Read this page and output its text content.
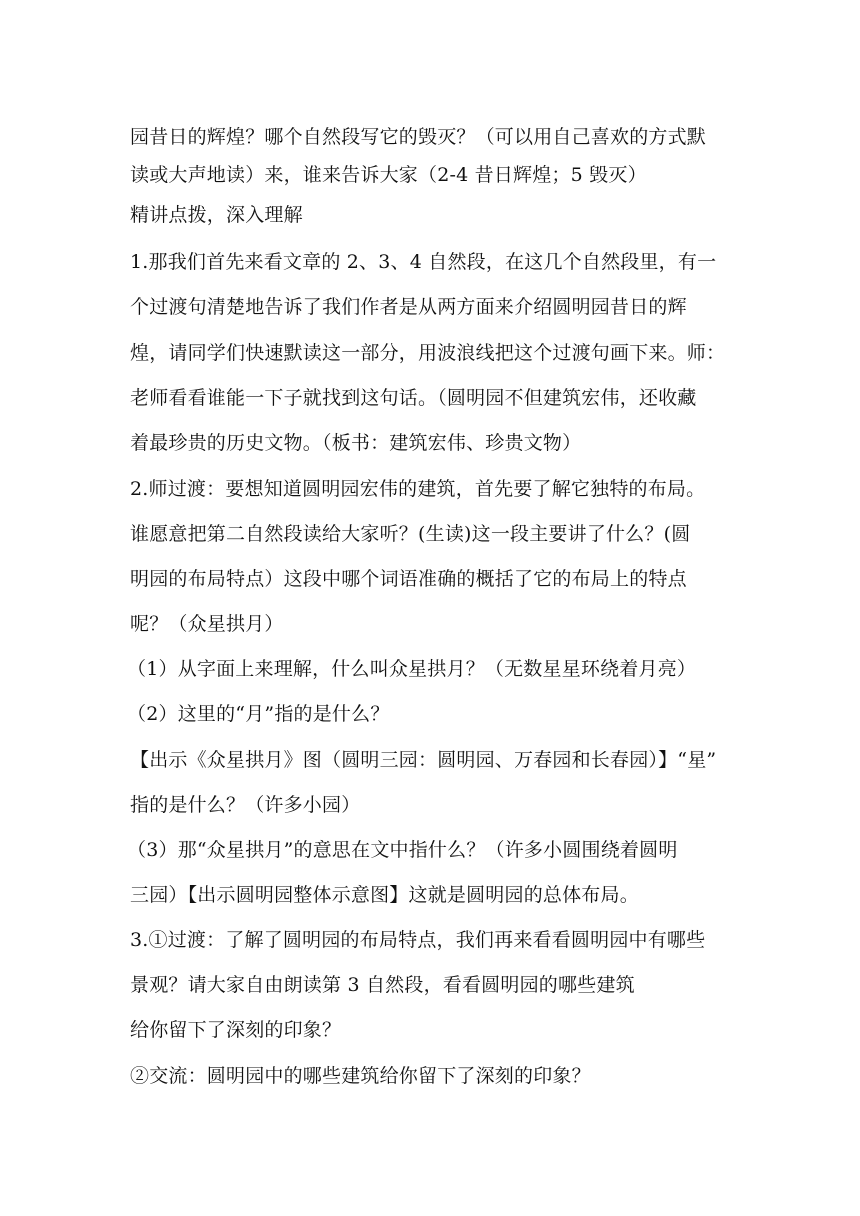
园昔日的辉煌？哪个自然段写它的毁灭？（可以用自己喜欢的方式默
读或大声地读）来，谁来告诉大家（2-4 昔日辉煌；5 毁灭）
精讲点拨，深入理解
1.那我们首先来看文章的 2、3、4 自然段，在这几个自然段里，有一
个过渡句清楚地告诉了我们作者是从两方面来介绍圆明园昔日的辉
煌，请同学们快速默读这一部分，用波浪线把这个过渡句画下来。师：
老师看看谁能一下子就找到这句话。（圆明园不但建筑宏伟，还收藏
着最珍贵的历史文物。（板书：建筑宏伟、珍贵文物）
2.师过渡：要想知道圆明园宏伟的建筑，首先要了解它独特的布局。
谁愿意把第二自然段读给大家听？(生读)这一段主要讲了什么？(圆
明园的布局特点）这段中哪个词语准确的概括了它的布局上的特点
呢？（众星拱月）
（1）从字面上来理解，什么叫众星拱月？（无数星星环绕着月亮）
（2）这里的“月”指的是什么？
【出示《众星拱月》图（圆明三园：圆明园、万春园和长春园）】“星”
指的是什么？（许多小园）
（3）那“众星拱月”的意思在文中指什么？（许多小圆围绕着圆明
三园）【出示圆明园整体示意图】这就是圆明园的总体布局。
3.①过渡：了解了圆明园的布局特点，我们再来看看圆明园中有哪些
景观？请大家自由朗读第 3 自然段，看看圆明园的哪些建筑
给你留下了深刻的印象？
②交流：圆明园中的哪些建筑给你留下了深刻的印象？
